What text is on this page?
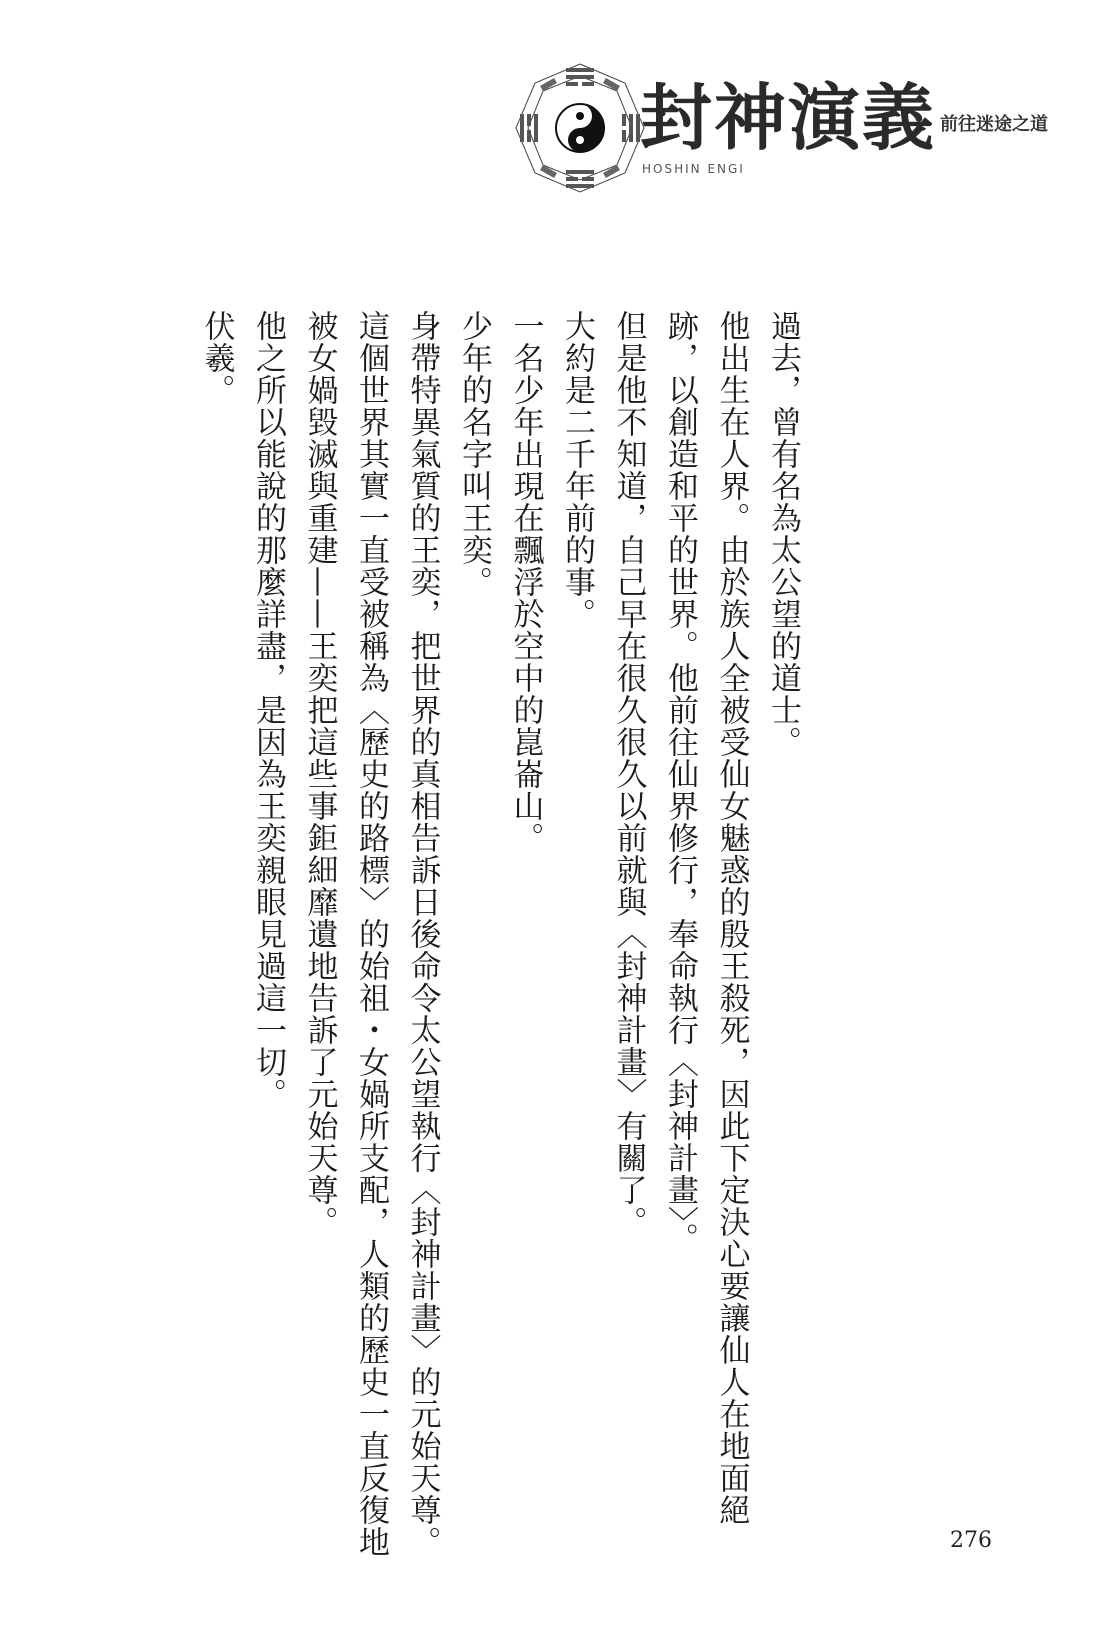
封神演義 前往迷途之道
HOSHIN ENGI

過去，曾有名為太公望的道士。

他出生在人界。由於族人全被受仙女魅惑的殷王殺死，因此下定決心要讓仙人在地面絕

跡，以創造和平的世界。他前往仙界修行，奉命執行〈封神計畫〉。

但是他不知道，自己早在很久很久以前就與〈封神計畫〉有關了。

大約是二千年前的事。

一名少年出現在飄浮於空中的崑崙山。

少年的名字叫王奕。

身帶特異氣質的王奕，把世界的真相告訴日後命令太公望執行〈封神計畫〉的元始天尊。

這個世界其實一直受被稱為〈歷史的路標〉的始祖・女媧所支配，人類的歷史一直反復地

被女媧毀滅與重建——王奕把這些事鉅細靡遺地告訴了元始天尊。

他之所以能說的那麼詳盡，是因為王奕親眼見過這一切。

伏羲。

276
